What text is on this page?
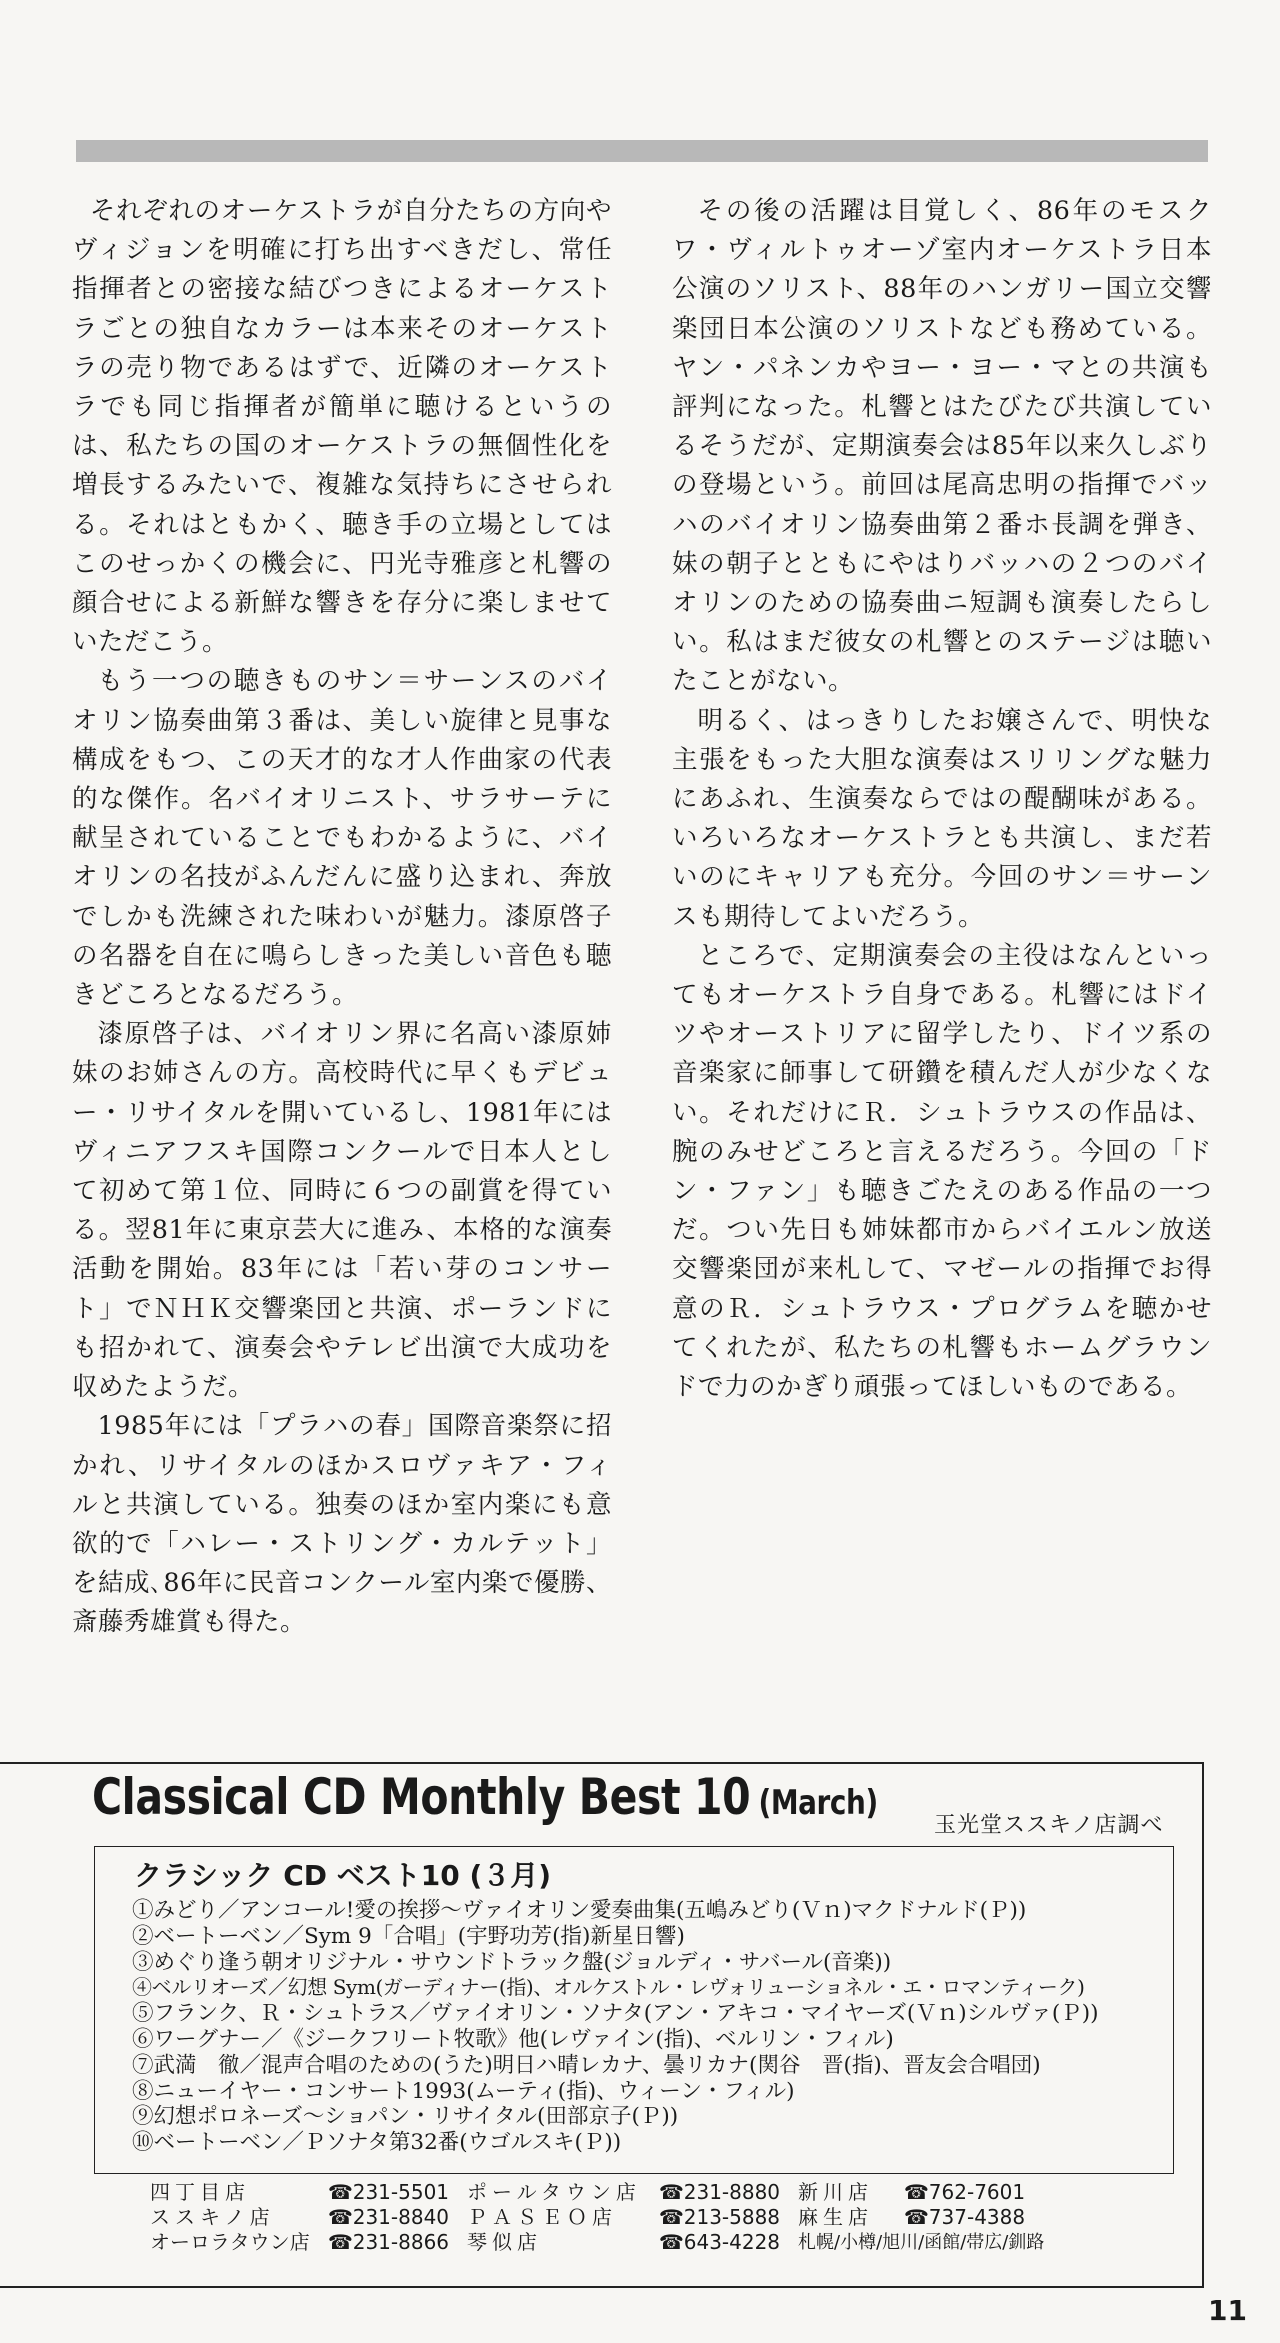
それぞれのオーケストラが自分たちの方向やヴィジョンを明確に打ち出すべきだし、常任指揮者との密接な結びつきによるオーケストラごとの独自なカラーは本来そのオーケストラの売り物であるはずで、近隣のオーケストラでも同じ指揮者が簡単に聴けるというのは、私たちの国のオーケストラの無個性化を増長するみたいで、複雑な気持ちにさせられる。それはともかく、聴き手の立場としてはこのせっかくの機会に、円光寺雅彦と札響の顔合せによる新鮮な響きを存分に楽しませていただこう。

もう一つの聴きものサン＝サーンスのバイオリン協奏曲第３番は、美しい旋律と見事な構成をもつ、この天才的な才人作曲家の代表的な傑作。名バイオリニスト、サラサーテに献呈されていることでもわかるように、バイオリンの名技がふんだんに盛り込まれ、奔放でしかも洗練された味わいが魅力。漆原啓子の名器を自在に鳴らしきった美しい音色も聴きどころとなるだろう。

漆原啓子は、バイオリン界に名高い漆原姉妹のお姉さんの方。高校時代に早くもデビュー・リサイタルを開いているし、1981年にはヴィニアフスキ国際コンクールで日本人として初めて第１位、同時に６つの副賞を得ている。翌81年に東京芸大に進み、本格的な演奏活動を開始。83年には「若い芽のコンサート」でＮＨＫ交響楽団と共演、ポーランドにも招かれて、演奏会やテレビ出演で大成功を収めたようだ。

1985年には「プラハの春」国際音楽祭に招かれ、リサイタルのほかスロヴァキア・フィルと共演している。独奏のほか室内楽にも意欲的で「ハレー・ストリング・カルテット」を結成､86年に民音コンクール室内楽で優勝、斎藤秀雄賞も得た。

その後の活躍は目覚しく、86年のモスクワ・ヴィルトゥオーゾ室内オーケストラ日本公演のソリスト、88年のハンガリー国立交響楽団日本公演のソリストなども務めている。ヤン・パネンカやヨー・ヨー・マとの共演も評判になった。札響とはたびたび共演しているそうだが、定期演奏会は85年以来久しぶりの登場という。前回は尾高忠明の指揮でバッハのバイオリン協奏曲第２番ホ長調を弾き、妹の朝子とともにやはりバッハの２つのバイオリンのための協奏曲ニ短調も演奏したらしい。私はまだ彼女の札響とのステージは聴いたことがない。

明るく、はっきりしたお嬢さんで、明快な主張をもった大胆な演奏はスリリングな魅力にあふれ、生演奏ならではの醍醐味がある。いろいろなオーケストラとも共演し、まだ若いのにキャリアも充分。今回のサン＝サーンスも期待してよいだろう。

ところで、定期演奏会の主役はなんといってもオーケストラ自身である。札響にはドイツやオーストリアに留学したり、ドイツ系の音楽家に師事して研鑽を積んだ人が少なくない。それだけにＲ．シュトラウスの作品は、腕のみせどころと言えるだろう。今回の「ドン・ファン」も聴きごたえのある作品の一つだ。つい先日も姉妹都市からバイエルン放送交響楽団が来札して、マゼールの指揮でお得意のＲ．シュトラウス・プログラムを聴かせてくれたが、私たちの札響もホームグラウンドで力のかぎり頑張ってほしいものである。

Classical CD Monthly Best 10 (March)
玉光堂ススキノ店調べ
クラシック CD ベスト10 (３月)
①みどり／アンコール!愛の挨拶〜ヴァイオリン愛奏曲集(五嶋みどり(Ｖｎ)マクドナルド(Ｐ))
②ベートーベン／Sym 9「合唱」(宇野功芳(指)新星日響)
③めぐり逢う朝オリジナル・サウンドトラック盤(ジョルディ・サバール(音楽))
④ベルリオーズ／幻想 Sym(ガーディナー(指)、オルケストル・レヴォリューショネル・エ・ロマンティーク)
⑤フランク、Ｒ・シュトラス／ヴァイオリン・ソナタ(アン・アキコ・マイヤーズ(Ｖｎ)シルヴァ(Ｐ))
⑥ワーグナー／《ジークフリート牧歌》他(レヴァイン(指)、ベルリン・フィル)
⑦武満　徹／混声合唱のための(うた)明日ハ晴レカナ、曇リカナ(関谷　晋(指)、晋友会合唱団)
⑧ニューイヤー・コンサート1993(ムーティ(指)、ウィーン・フィル)
⑨幻想ポロネーズ〜ショパン・リサイタル(田部京子(Ｐ))
⑩ベートーベン／Ｐソナタ第32番(ウゴルスキ(Ｐ))
四丁目店	☎231-5501	ポールタウン店	☎231-8880	新川店	☎762-7601
ススキノ店	☎231-8840	ＰＡＳＥＯ店	☎213-5888	麻生店	☎737-4388
オーロラタウン店	☎231-8866	琴似店	☎643-4228	札幌/小樽/旭川/函館/帯広/釧路	
11
